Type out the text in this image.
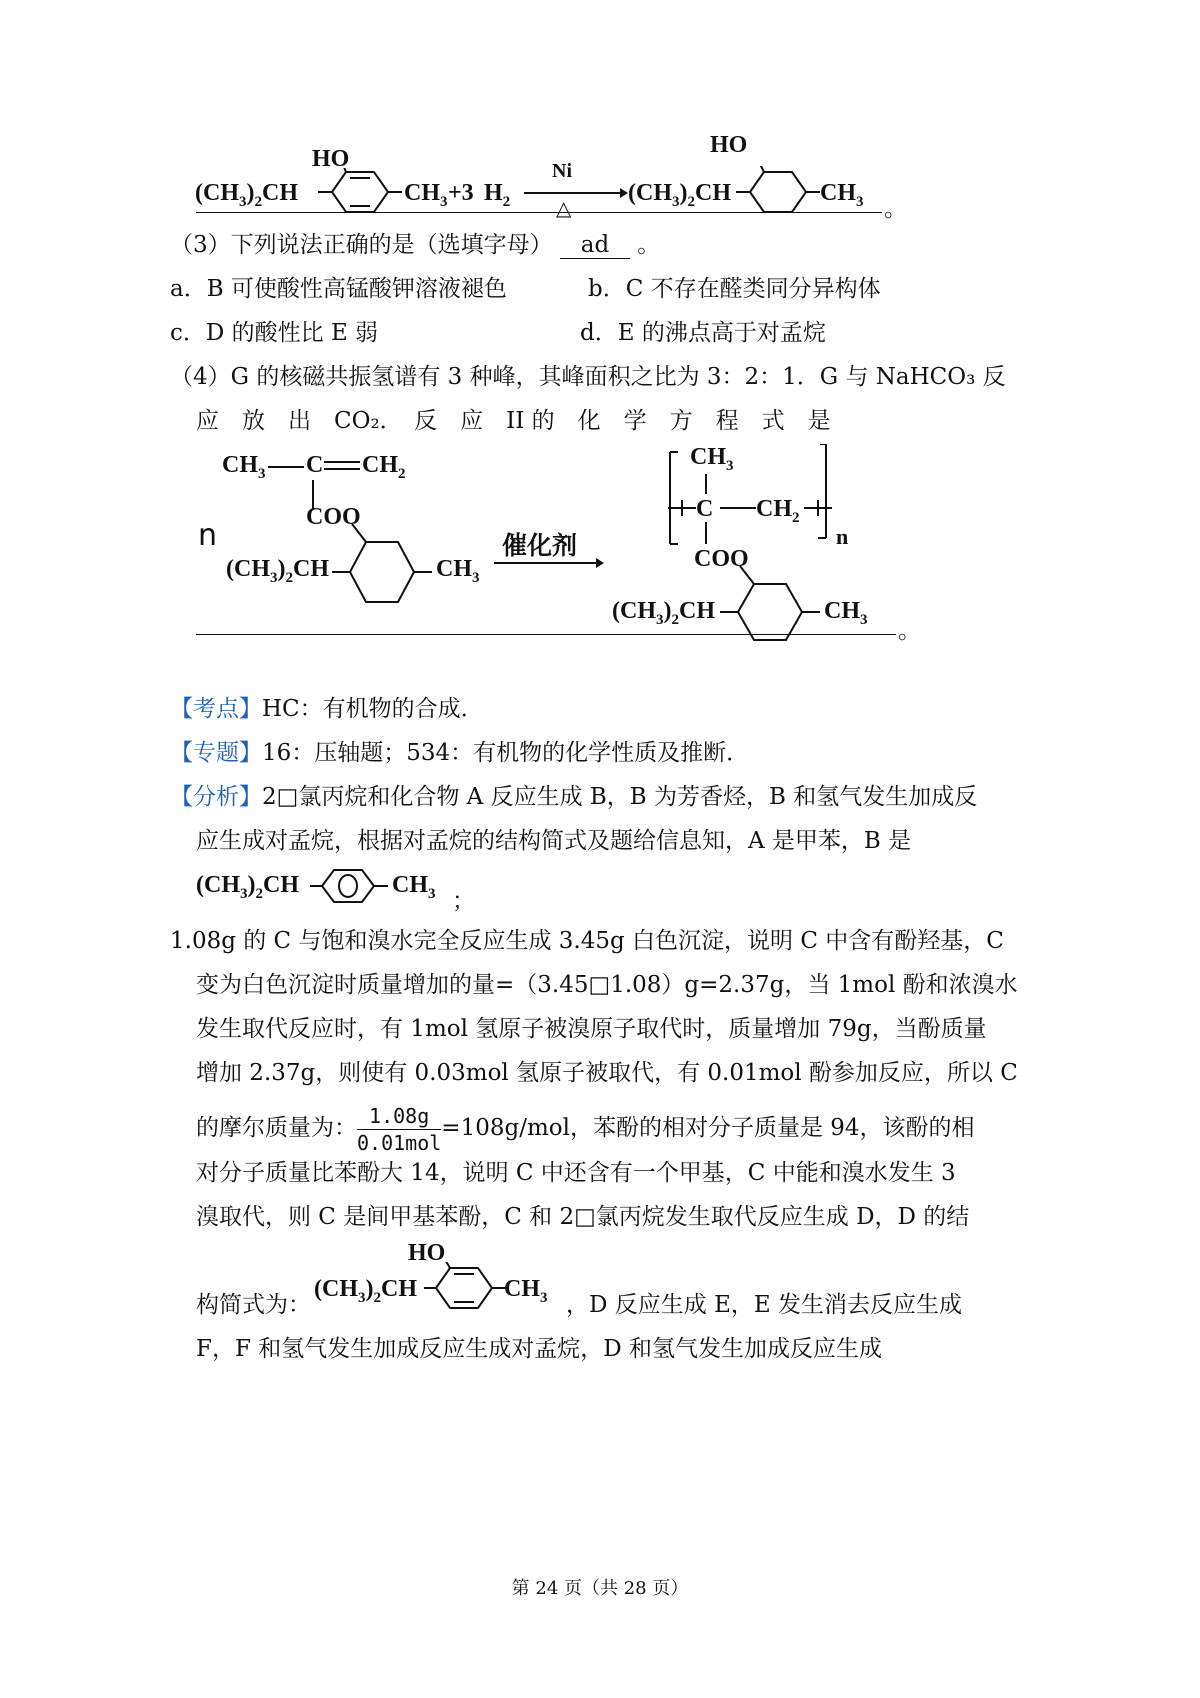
HO
$(CH_3)_2CH$	$CH_3 +3$ $H_2$
Ni
△
HO
$(CH_3)_2CH$	$CH_3$ 。
（3）下列说法正确的是（选填字母） ad 。
a．B 可使酸性高锰酸钾溶液褪色	b．C 不存在醛类同分异构体
c．D 的酸性比 E 弱	d．E 的沸点高于对孟烷
（4）G 的核磁共振氢谱有 3 种峰，其峰面积之比为 3：2：1．G 与 NaHCO₃ 反
应　放　出　CO₂．　反　应　II 的　化　学　方　程　式　是
$CH_3$ C $CH_2$
COO
n
$(CH_3)_2CH$	$CH_3$
催化剂
$CH_3$
C $CH_2$
n
COO
$(CH_3)_2CH$	$CH_3$ 。
【考点】HC：有机物的合成．
【专题】16：压轴题；534：有机物的化学性质及推断．
【分析】2□氯丙烷和化合物 A 反应生成 B，B 为芳香烃，B 和氢气发生加成反
应生成对孟烷，根据对孟烷的结构简式及题给信息知，A 是甲苯，B 是
$(CH_3)_2CH$	$CH_3$ ；
1.08g 的 C 与饱和溴水完全反应生成 3.45g 白色沉淀，说明 C 中含有酚羟基，C
变为白色沉淀时质量增加的量=（3.45□1.08）g=2.37g，当 1mol 酚和浓溴水
发生取代反应时，有 1mol 氢原子被溴原子取代时，质量增加 79g，当酚质量
增加 2.37g，则使有 0.03mol 氢原子被取代，有 0.01mol 酚参加反应，所以 C
的摩尔质量为： $\frac{1.08g}{\text{0.01mol}} =108g/mol$，苯酚的相对分子质量是 94，该酚的相
对分子质量比苯酚大 14，说明 C 中还含有一个甲基，C 中能和溴水发生 3
溴取代，则 C 是间甲基苯酚，C 和 2□氯丙烷发生取代反应生成 D，D 的结
构简式为：
HO
$(CH_3)_2CH$	$CH_3$ ，D 反应生成 E，E 发生消去反应生成
F，F 和氢气发生加成反应生成对孟烷，D 和氢气发生加成反应生成
第 24 页（共 28 页）
